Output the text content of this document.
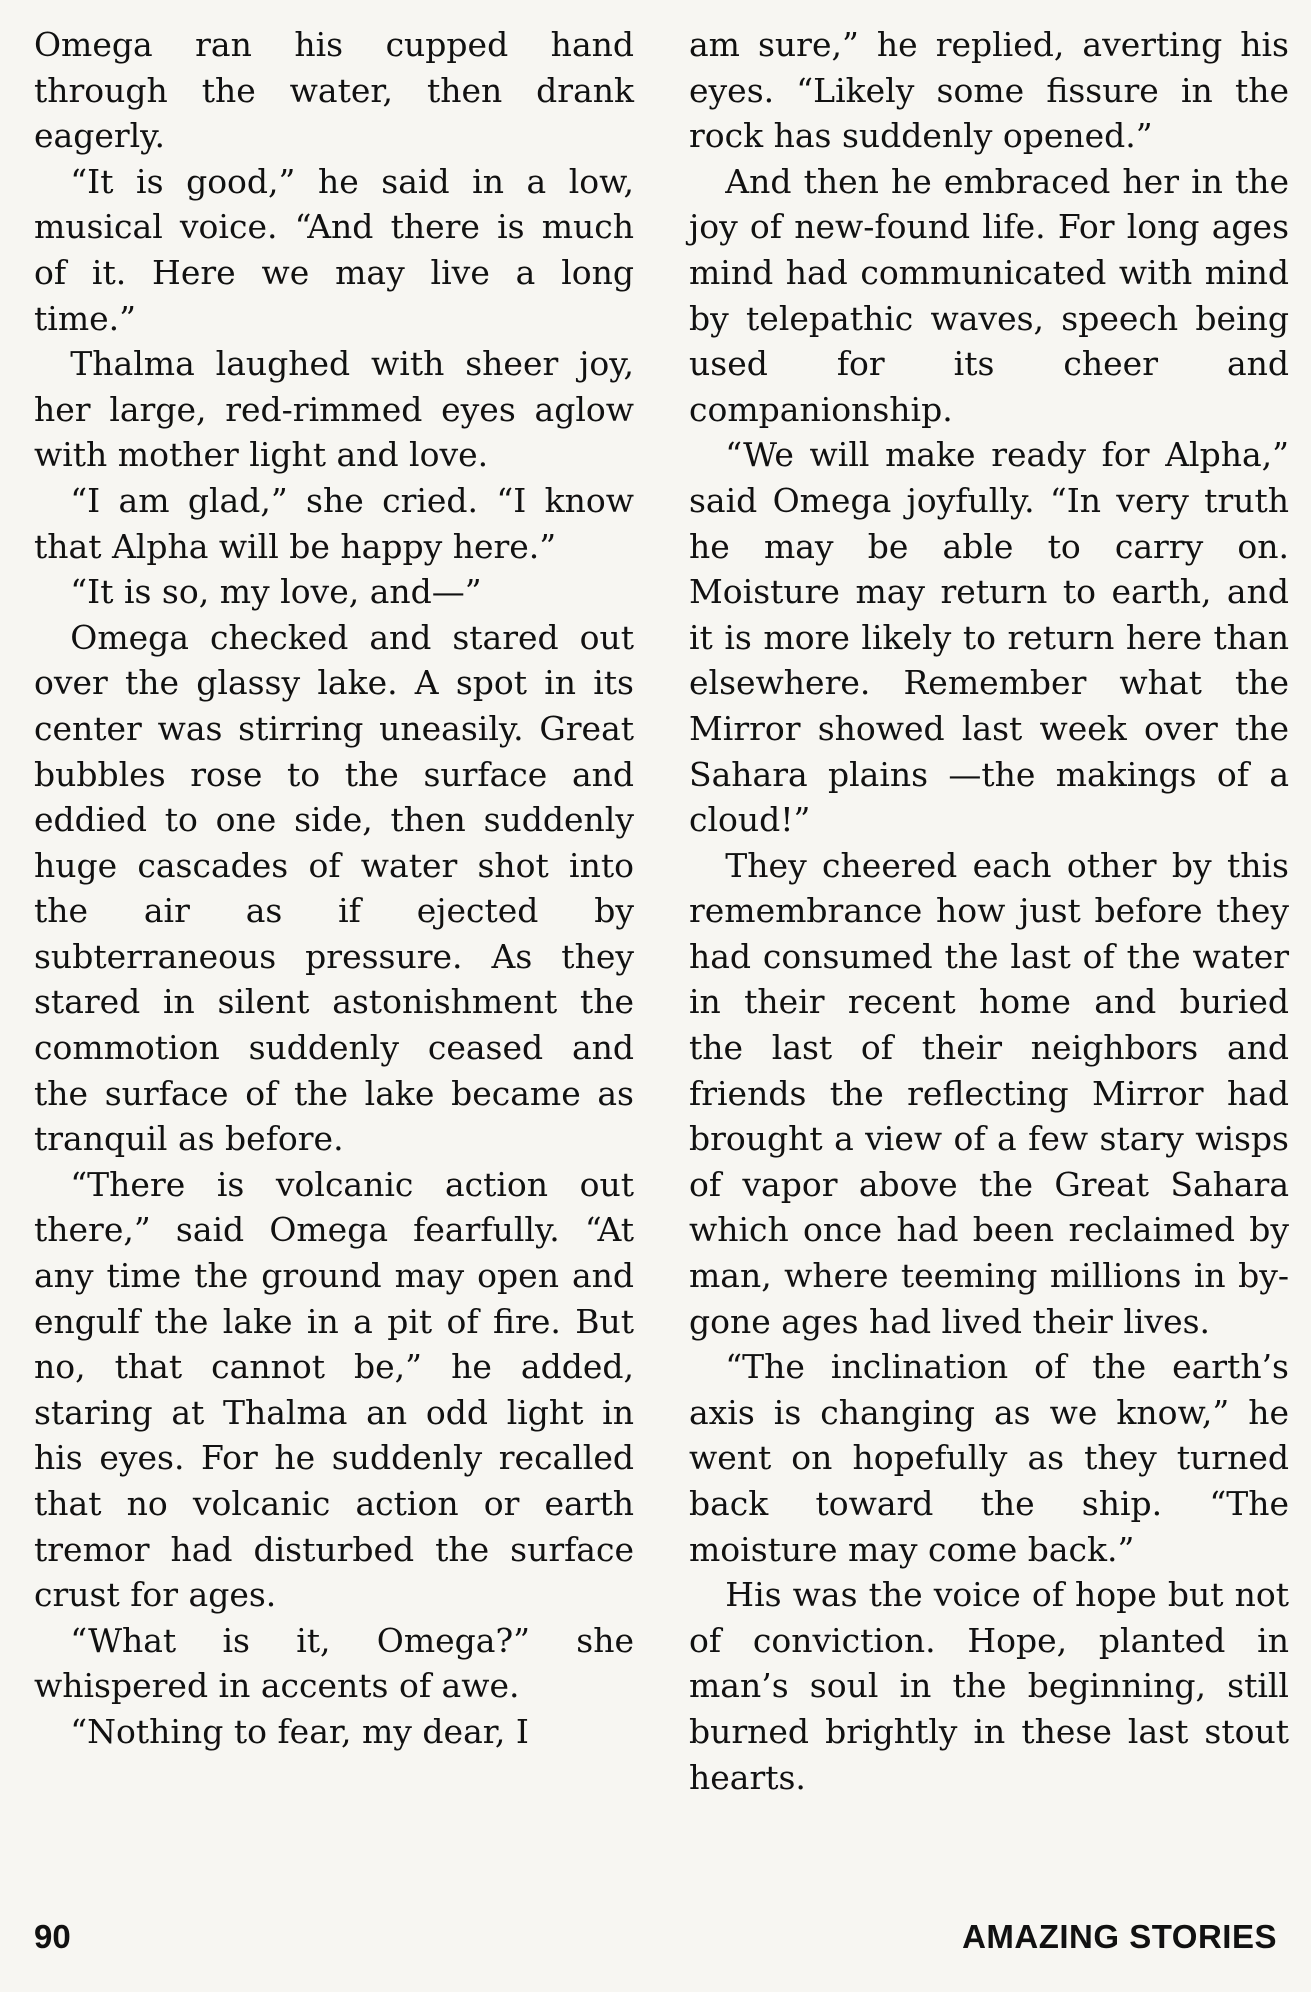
Omega ran his cupped hand through the water, then drank eagerly.

“It is good,” he said in a low, musical voice. “And there is much of it. Here we may live a long time.”

Thalma laughed with sheer joy, her large, red-rimmed eyes aglow with mother light and love.

“I am glad,” she cried. “I know that Alpha will be happy here.”

“It is so, my love, and—”

Omega checked and stared out over the glassy lake. A spot in its center was stirring uneasily. Great bubbles rose to the surface and eddied to one side, then suddenly huge cascades of water shot into the air as if ejected by subterraneous pressure. As they stared in silent astonishment the commotion suddenly ceased and the surface of the lake became as tranquil as before.

“There is volcanic action out there,” said Omega fearfully. “At any time the ground may open and engulf the lake in a pit of fire. But no, that cannot be,” he added, staring at Thalma an odd light in his eyes. For he suddenly recalled that no volcanic action or earth tremor had disturbed the surface crust for ages.

“What is it, Omega?” she whispered in accents of awe.

“Nothing to fear, my dear, I

am sure,” he replied, averting his eyes. “Likely some fissure in the rock has suddenly opened.”

And then he embraced her in the joy of new-found life. For long ages mind had communicated with mind by telepathic waves, speech being used for its cheer and companionship.

“We will make ready for Alpha,” said Omega joyfully. “In very truth he may be able to carry on. Moisture may return to earth, and it is more likely to return here than elsewhere. Remember what the Mirror showed last week over the Sahara plains —the makings of a cloud!”

They cheered each other by this remembrance how just before they had consumed the last of the water in their recent home and buried the last of their neighbors and friends the reflecting Mirror had brought a view of a few stary wisps of vapor above the Great Sahara which once had been reclaimed by man, where teeming millions in by-gone ages had lived their lives.

“The inclination of the earth’s axis is changing as we know,” he went on hopefully as they turned back toward the ship. “The moisture may come back.”

His was the voice of hope but not of conviction. Hope, planted in man’s soul in the beginning, still burned brightly in these last stout hearts.

90	AMAZING STORIES
